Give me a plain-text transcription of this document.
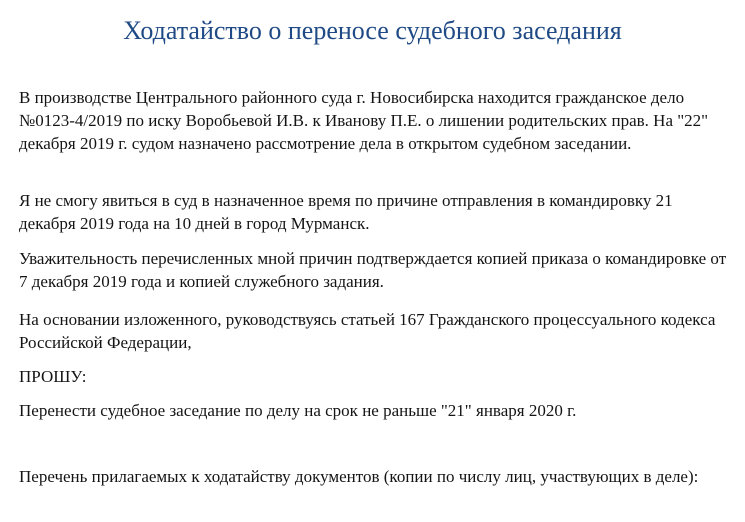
Ходатайство о переносе судебного заседания

В производстве Центрального районного суда г. Новосибирска находится гражданское дело №0123-4/2019 по иску Воробьевой И.В. к Иванову П.Е. о лишении родительских прав. На "22" декабря 2019 г. судом назначено рассмотрение дела в открытом судебном заседании.

Я не смогу явиться в суд в назначенное время по причине отправления в командировку 21 декабря 2019 года на 10 дней в город Мурманск.

Уважительность перечисленных мной причин подтверждается копией приказа о командировке от 7 декабря 2019 года и копией служебного задания.

На основании изложенного, руководствуясь статьей 167 Гражданского процессуального кодекса Российской Федерации,

ПРОШУ:

Перенести судебное заседание по делу на срок не раньше "21" января 2020 г.

Перечень прилагаемых к ходатайству документов (копии по числу лиц, участвующих в деле):
